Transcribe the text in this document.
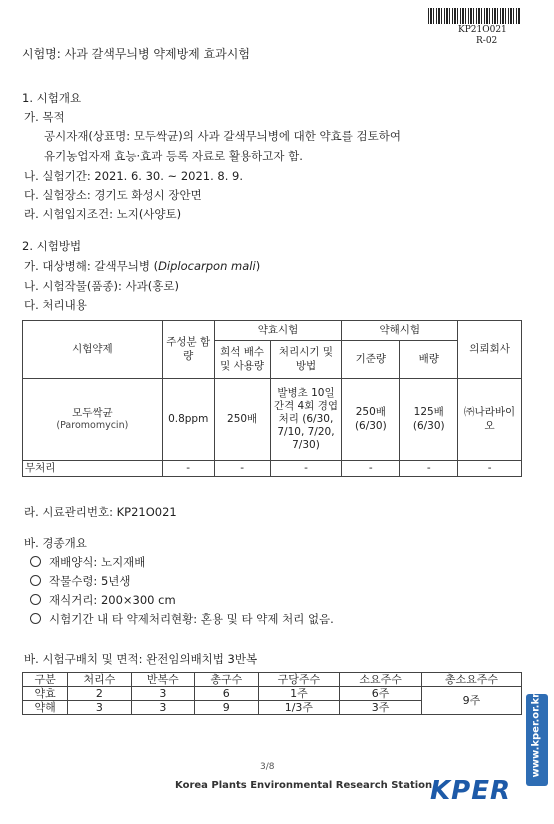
KP21O021
R-02
시험명: 사과 갈색무늬병 약제방제 효과시험
1. 시험개요
가. 목적
공시자재(상표명: 모두싹균)의 사과 갈색무늬병에 대한 약효를 검토하여
유기농업자재 효능·효과 등록 자료로 활용하고자 함.
나. 실험기간: 2021. 6. 30. ~ 2021. 8. 9.
다. 실험장소: 경기도 화성시 장안면
라. 시험입지조건: 노지(사양토)
2. 시험방법
가. 대상병해: 갈색무늬병 (Diplocarpon mali)
나. 시험작물(품종): 사과(홍로)
다. 처리내용
시험약제	주성분 함량	약효시험		약해시험		의뢰회사
		희석 배수 및 사용량	처리시기 및 방법	기준량	배량	

모두싹균
(Paromomycin)	0.8ppm	250배	발병초 10일간격 4회 경엽처리 (6/30, 7/10, 7/20, 7/30)	250배 (6/30)	125배 (6/30)	㈜나라바이오
무처리	-	-	-	-	-	-
라. 시료관리번호: KP21O021
바. 경종개요
재배양식: 노지재배
작물수령: 5년생
재식거리: 200×300 cm
시험기간 내 타 약제처리현황: 혼용 및 타 약제 처리 없음.
바. 시험구배치 및 면적: 완전임의배치법 3반복
구분	처리수	반복수	총구수	구당주수	소요주수	총소요주수
약효	2	3	6	1주	6주	9주
약해	3	3	9	1/3주	3주	
3/8
Korea Plants Environmental Research Station
KPER
www.kper.or.kr
